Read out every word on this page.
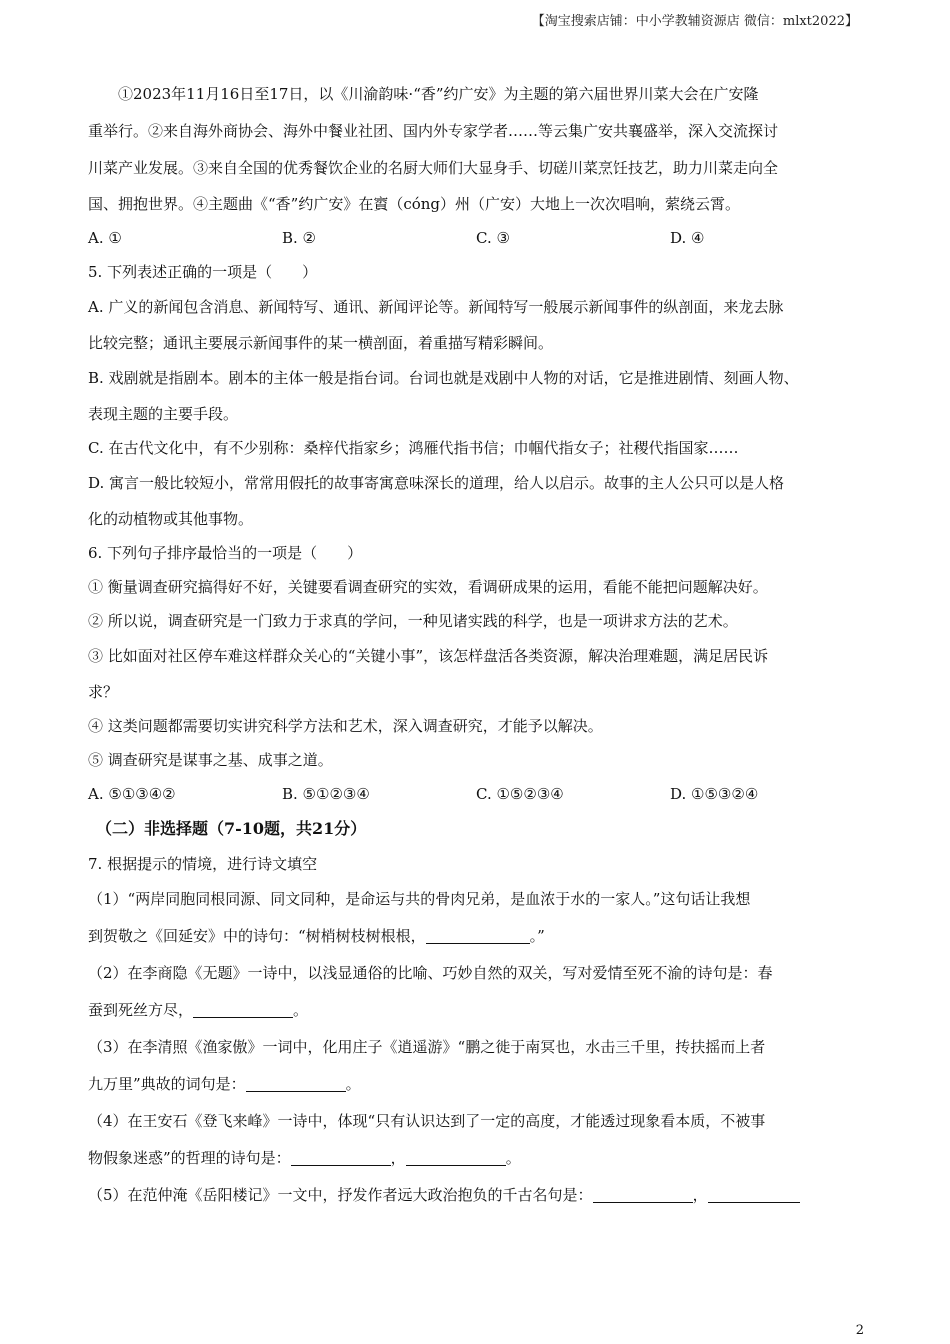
【淘宝搜索店铺：中小学教辅资源店 微信：mlxt2022】
①2023年11月16日至17日，以《川渝韵味·“香”约广安》为主题的第六届世界川菜大会在广安隆
重举行。②来自海外商协会、海外中餐业社团、国内外专家学者……等云集广安共襄盛举，深入交流探讨
川菜产业发展。③来自全国的优秀餐饮企业的名厨大师们大显身手、切磋川菜烹饪技艺，助力川菜走向全
国、拥抱世界。④主题曲《“香”约广安》在賨（cóng）州（广安）大地上一次次唱响，萦绕云霄。
A. ①	B. ②	C. ③	D. ④
5. 下列表述正确的一项是（　　）
A. 广义的新闻包含消息、新闻特写、通讯、新闻评论等。新闻特写一般展示新闻事件的纵剖面，来龙去脉
比较完整；通讯主要展示新闻事件的某一横剖面，着重描写精彩瞬间。
B. 戏剧就是指剧本。剧本的主体一般是指台词。台词也就是戏剧中人物的对话，它是推进剧情、刻画人物、
表现主题的主要手段。
C. 在古代文化中，有不少别称：桑梓代指家乡；鸿雁代指书信；巾帼代指女子；社稷代指国家……
D. 寓言一般比较短小，常常用假托的故事寄寓意味深长的道理，给人以启示。故事的主人公只可以是人格
化的动植物或其他事物。
6. 下列句子排序最恰当的一项是（　　）
① 衡量调查研究搞得好不好，关键要看调查研究的实效，看调研成果的运用，看能不能把问题解决好。
② 所以说，调查研究是一门致力于求真的学问，一种见诸实践的科学，也是一项讲求方法的艺术。
③ 比如面对社区停车难这样群众关心的“关键小事”，该怎样盘活各类资源，解决治理难题，满足居民诉
求？
④ 这类问题都需要切实讲究科学方法和艺术，深入调查研究，才能予以解决。
⑤ 调查研究是谋事之基、成事之道。
A. ⑤①③④②	B. ⑤①②③④	C. ①⑤②③④	D. ①⑤③②④
（二）非选择题（7-10题，共21分）
7. 根据提示的情境，进行诗文填空
（1）“两岸同胞同根同源、同文同种，是命运与共的骨肉兄弟，是血浓于水的一家人。”这句话让我想
到贺敬之《回延安》中的诗句：“树梢树枝树根根，	。”
（2）在李商隐《无题》一诗中，以浅显通俗的比喻、巧妙自然的双关，写对爱情至死不渝的诗句是：春
蚕到死丝方尽，	。
（3）在李清照《渔家傲》一词中，化用庄子《逍遥游》“鹏之徙于南冥也，水击三千里，抟扶摇而上者
九万里”典故的词句是：	。
（4）在王安石《登飞来峰》一诗中，体现“只有认识达到了一定的高度，才能透过现象看本质，不被事
物假象迷惑”的哲理的诗句是：	，	。
（5）在范仲淹《岳阳楼记》一文中，抒发作者远大政治抱负的千古名句是：	，
2
